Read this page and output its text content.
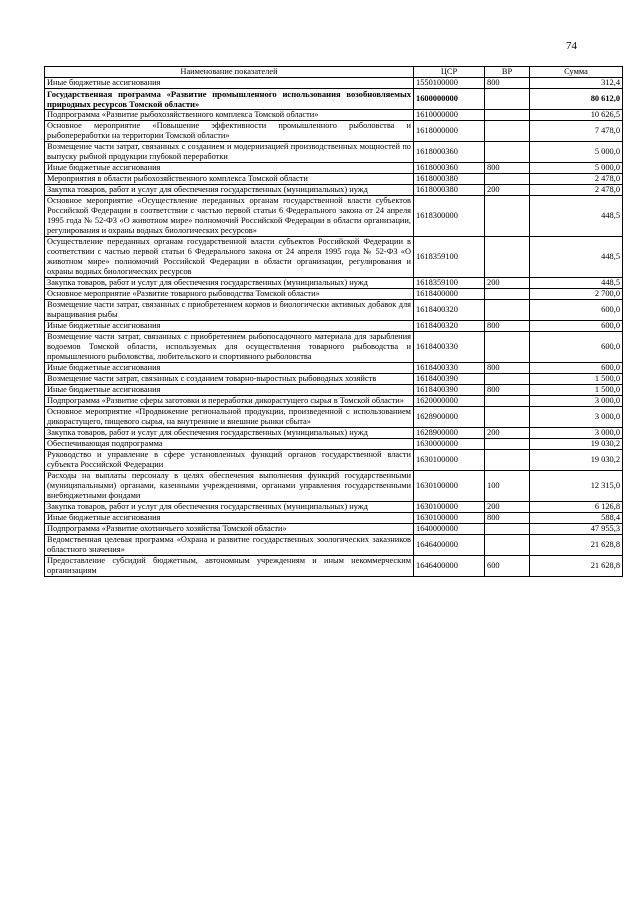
74
Наименование показателей	ЦСР	ВР	Сумма
Иные бюджетные ассигнования	1550100000	800	312,4
Государственная программа «Развитие промышленного использования возобновляемых природных ресурсов Томской области»	1600000000		80 612,0
Подпрограмма «Развитие рыбохозяйственного комплекса Томской области»	1610000000		10 626,5
Основное мероприятие «Повышение эффективности промышленного рыболовства и рыбопереработки на территории Томской области»	1618000000		7 478,0
Возмещение части затрат, связанных с созданием и модернизацией производственных мощностей по выпуску рыбной продукции глубокой переработки	1618000360		5 000,0
Иные бюджетные ассигнования	1618000360	800	5 000,0
Мероприятия в области рыбохозяйственного комплекса Томской области	1618000380		2 478,0
Закупка товаров, работ и услуг для обеспечения государственных (муниципальных) нужд	1618000380	200	2 478,0
Основное мероприятие «Осуществление переданных органам государственной власти субъектов Российской Федерации в соответствии с частью первой статьи 6 Федерального закона от 24 апреля 1995 года № 52-ФЗ «О животном мире» полномочий Российской Федерации в области организации, регулирования и охраны водных биологических ресурсов»	1618300000		448,5
Осуществление переданных органам государственной власти субъектов Российской Федерации в соответствии с частью первой статьи 6 Федерального закона от 24 апреля 1995 года № 52-ФЗ «О животном мире» полномочий Российской Федерации в области организации, регулирования и охраны водных биологических ресурсов	1618359100		448,5
Закупка товаров, работ и услуг для обеспечения государственных (муниципальных) нужд	1618359100	200	448,5
Основное мероприятие «Развитие товарного рыбоводства Томской области»	1618400000		2 700,0
Возмещение части затрат, связанных с приобретением кормов и биологически активных добавок для выращивания рыбы	1618400320		600,0
Иные бюджетные ассигнования	1618400320	800	600,0
Возмещение части затрат, связанных с приобретением рыбопосадочного материала для зарыбления водоемов Томской области, используемых для осуществления товарного рыбоводства и промышленного рыболовства, любительского и спортивного рыболовства	1618400330		600,0
Иные бюджетные ассигнования	1618400330	800	600,0
Возмещение части затрат, связанных с созданием товарно-выростных рыбоводных хозяйств	1618400390		1 500,0
Иные бюджетные ассигнования	1618400390	800	1 500,0
Подпрограмма «Развитие сферы заготовки и переработки дикорастущего сырья в Томской области»	1620000000		3 000,0
Основное мероприятие «Продвижение региональной продукции, произведенной с использованием дикорастущего, пищевого сырья, на внутренние и внешние рынки сбыта»	1628900000		3 000,0
Закупка товаров, работ и услуг для обеспечения государственных (муниципальных) нужд	1628900000	200	3 000,0
Обеспечивающая подпрограмма	1630000000		19 030,2
Руководство и управление в сфере установленных функций органов государственной власти субъекта Российской Федерации	1630100000		19 030,2
Расходы на выплаты персоналу в целях обеспечения выполнения функций государственными (муниципальными) органами, казенными учреждениями, органами управления государственными внебюджетными фондами	1630100000	100	12 315,0
Закупка товаров, работ и услуг для обеспечения государственных (муниципальных) нужд	1630100000	200	6 126,8
Иные бюджетные ассигнования	1630100000	800	588,4
Подпрограмма «Развитие охотничьего хозяйства Томской области»	1640000000		47 955,3
Ведомственная целевая программа «Охрана и развитие государственных зоологических заказников областного значения»	1646400000		21 628,8
Предоставление субсидий бюджетным, автономным учреждениям и иным некоммерческим организациям	1646400000	600	21 628,8
